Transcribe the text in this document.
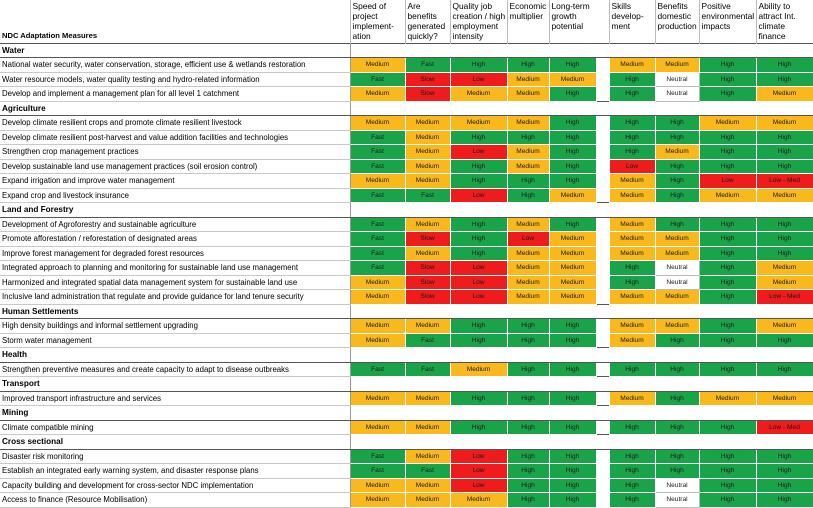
NDC Adaptation Measures	Speed of project implement-ation	Are benefits generated quickly?	Quality job creation / high employment intensity	Economic multiplier	Long-term growth potential		Skills develop-ment	Benefits domestic production	Positive environmental impacts	Ability to attract Int. climate finance
Water										
National water security, water conservation, storage, efficient use & wetlands restoration	Medium	Fast	High	High	High		Medium	Medium	High	High
Water resource models, water quality testing and hydro-related information	Fast	Slow	Low	Medium	Medium		High	Neutral	High	High
Develop and implement a management plan for all level 1 catchment	Medium	Slow	Medium	Medium	High		High	Neutral	High	Medium
Agriculture										
Develop climate resilient crops and promote climate resilient livestock	Medium	Medium	Medium	Medium	High		High	High	Medium	Medium
Develop climate resilient post-harvest and value addition facilities and technologies	Fast	Medium	High	High	High		High	High	High	High
Strengthen crop management practices	Fast	Medium	Low	Medium	High		High	Medium	High	High
Develop sustainable land use management practices (soil erosion control)	Fast	Medium	High	Medium	High		Low	High	High	High
Expand irrigation and improve water management	Medium	Medium	High	High	High		Medium	High	Low	Low - Med
Expand crop and livestock insurance	Fast	Fast	Low	High	Medium		Medium	High	Medium	Medium
Land and Forestry										
Development of Agroforestry and sustainable agriculture	Fast	Medium	High	Medium	High		Medium	High	High	High
Promote afforestation / reforestation of designated areas	Fast	Slow	High	Low	Medium		Medium	Medium	High	High
Improve forest management for degraded forest resources	Fast	Medium	High	Medium	Medium		Medium	Medium	High	High
Integrated approach to planning and monitoring for sustainable land use management	Fast	Slow	Low	Medium	Medium		High	Neutral	High	Medium
Harmonized and integrated spatial data management system for sustainable land use	Medium	Slow	Low	Medium	Medium		High	Neutral	High	Medium
Inclusive land administration that regulate and provide guidance for land tenure security	Medium	Slow	Low	Medium	Medium		Medium	Medium	High	Low - Med
Human Settlements										
High density buildings and informal settlement upgrading	Medium	Medium	High	High	High		Medium	Medium	High	Medium
Storm water management	Medium	Fast	High	High	High		Medium	High	High	High
Health										
Strengthen preventive measures and create capacity to adapt to disease outbreaks	Fast	Fast	Medium	High	High		High	High	High	High
Transport										
Improved transport infrastructure and services	Medium	Medium	High	High	High		Medium	High	Medium	Medium
Mining										
Climate compatible mining	Medium	Medium	High	High	High		High	High	High	Low - Med
Cross sectional										
Disaster risk monitoring	Fast	Medium	Low	High	High		High	High	High	High
Establish an integrated early warning system, and disaster response plans	Fast	Fast	Low	High	High		High	High	High	High
Capacity building and development for cross-sector NDC implementation	Medium	Medium	Low	High	High		High	Neutral	High	High
Access to finance (Resource Mobilisation)	Medium	Medium	Medium	High	High		High	Neutral	High	High
